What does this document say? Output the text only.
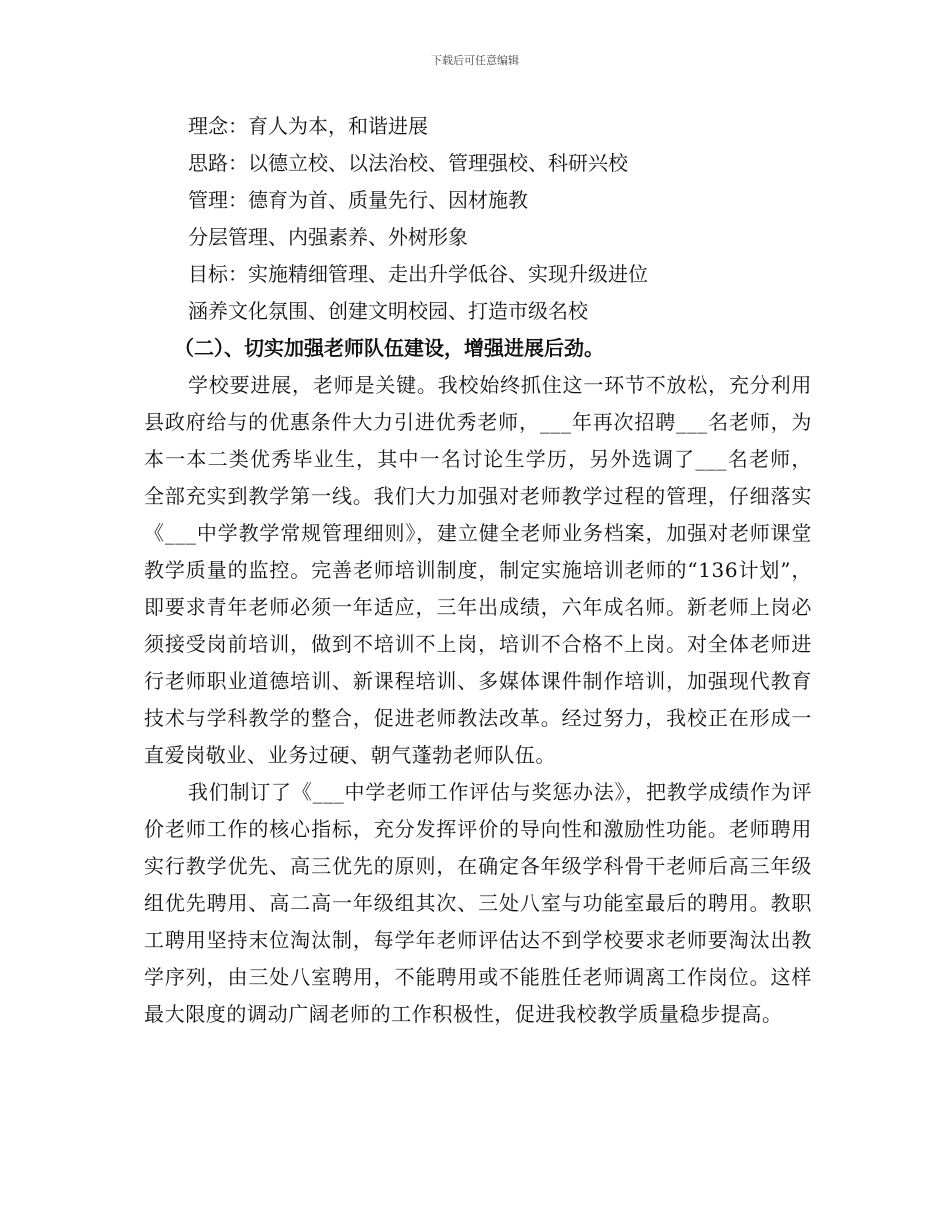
下载后可任意编辑

理念：育人为本，和谐进展

思路：以德立校、以法治校、管理强校、科研兴校

管理：德育为首、质量先行、因材施教

分层管理、内强素养、外树形象

目标：实施精细管理、走出升学低谷、实现升级进位

涵养文化氛围、创建文明校园、打造市级名校

（二）、切实加强老师队伍建设，增强进展后劲。

学校要进展，老师是关键。我校始终抓住这一环节不放松，充分利用县政府给与的优惠条件大力引进优秀老师，___年再次招聘___名老师，为本一本二类优秀毕业生，其中一名讨论生学历，另外选调了___名老师，全部充实到教学第一线。我们大力加强对老师教学过程的管理，仔细落实《___中学教学常规管理细则》，建立健全老师业务档案，加强对老师课堂教学质量的监控。完善老师培训制度，制定实施培训老师的“136计划”，即要求青年老师必须一年适应，三年出成绩，六年成名师。新老师上岗必须接受岗前培训，做到不培训不上岗，培训不合格不上岗。对全体老师进行老师职业道德培训、新课程培训、多媒体课件制作培训，加强现代教育技术与学科教学的整合，促进老师教法改革。经过努力，我校正在形成一直爱岗敬业、业务过硬、朝气蓬勃老师队伍。

我们制订了《___中学老师工作评估与奖惩办法》，把教学成绩作为评价老师工作的核心指标，充分发挥评价的导向性和激励性功能。老师聘用实行教学优先、高三优先的原则，在确定各年级学科骨干老师后高三年级组优先聘用、高二高一年级组其次、三处八室与功能室最后的聘用。教职工聘用坚持末位淘汰制，每学年老师评估达不到学校要求老师要淘汰出教学序列，由三处八室聘用，不能聘用或不能胜任老师调离工作岗位。这样最大限度的调动广阔老师的工作积极性，促进我校教学质量稳步提高。
